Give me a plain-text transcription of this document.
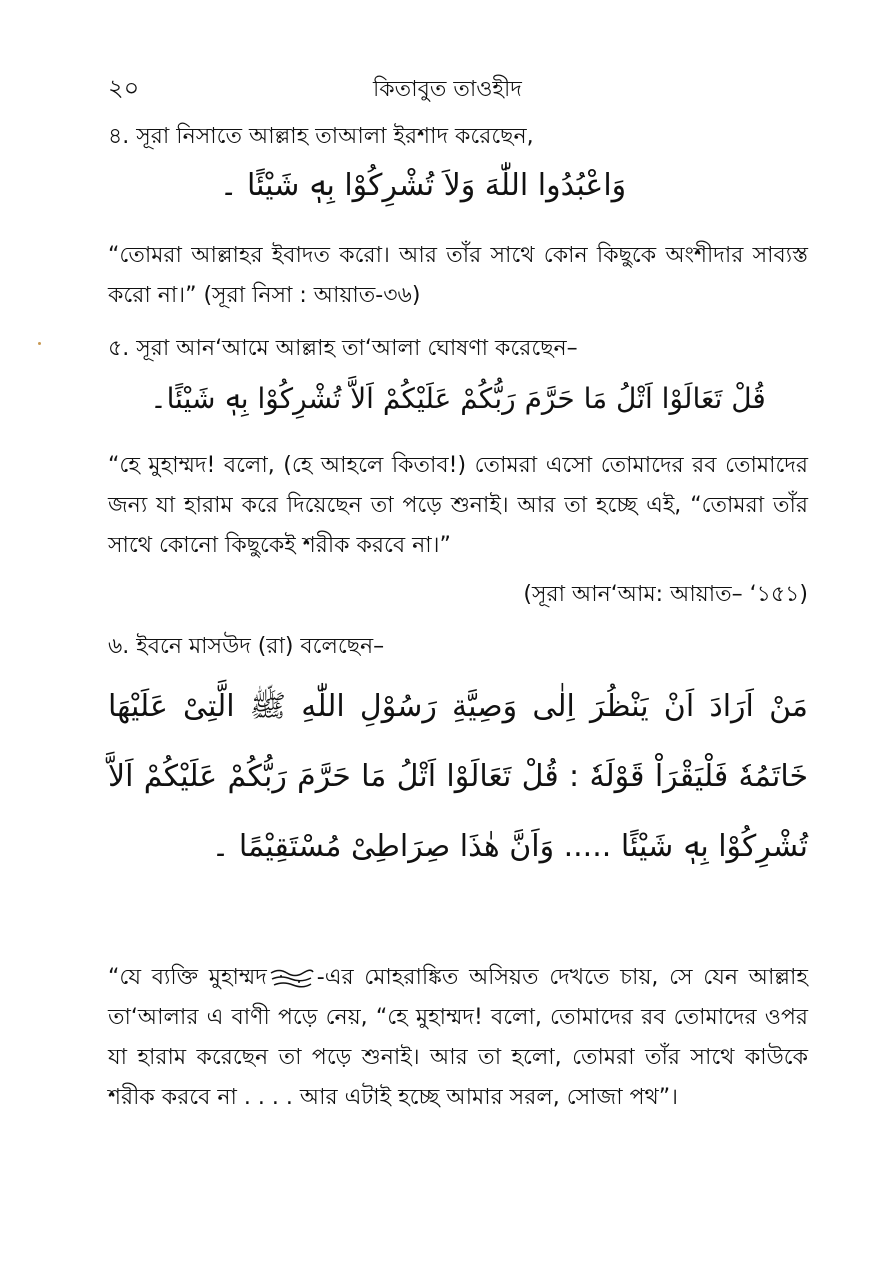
২০	কিতাবুত তাওহীদ
৪. সূরা নিসাতে আল্লাহ তাআলা ইরশাদ করেছেন,
وَاعْبُدُوا اللّٰهَ وَلاَ تُشْرِكُوْا بِهٖ شَيْئًا ۔
“তোমরা আল্লাহর ইবাদত করো। আর তাঁর সাথে কোন কিছুকে অংশীদার সাব্যস্ত করো না।” (সূরা নিসা : আয়াত-৩৬)
৫. সূরা আন‘আমে আল্লাহ তা‘আলা ঘোষণা করেছেন–
قُلْ تَعَالَوْا اَتْلُ مَا حَرَّمَ رَبُّكُمْ عَلَيْكُمْ اَلاَّ تُشْرِكُوْا بِهٖ شَيْئًا۔
“হে মুহাম্মদ! বলো, (হে আহলে কিতাব!) তোমরা এসো তোমাদের রব তোমাদের জন্য যা হারাম করে দিয়েছেন তা পড়ে শুনাই। আর তা হচ্ছে এই, “তোমরা তাঁর সাথে কোনো কিছুকেই শরীক করবে না।”
(সূরা আন‘আম: আয়াত– ‘১৫১)
৬. ইবনে মাসউদ (রা) বলেছেন–
مَنْ اَرَادَ اَنْ يَنْظُرَ اِلٰى وَصِيَّةِ رَسُوْلِ اللّٰهِ ﷺ الَّتِىْ عَلَيْهَا خَاتَمُهٗ فَلْيَقْرَاْ قَوْلَهٗ : قُلْ تَعَالَوْا اَتْلُ مَا حَرَّمَ رَبُّكُمْ عَلَيْكُمْ اَلاَّ تُشْرِكُوْا بِهٖ شَيْئًا ..... وَاَنَّ هٰذَا صِرَاطِىْ مُسْتَقِيْمًا ۔
“যে ব্যক্তি মুহাম্মদ -এর মোহরাঙ্কিত অসিয়ত দেখতে চায়, সে যেন আল্লাহ তা‘আলার এ বাণী পড়ে নেয়, “হে মুহাম্মদ! বলো, তোমাদের রব তোমাদের ওপর যা হারাম করেছেন তা পড়ে শুনাই। আর তা হলো, তোমরা তাঁর সাথে কাউকে শরীক করবে না . . . . আর এটাই হচ্ছে আমার সরল, সোজা পথ”।
